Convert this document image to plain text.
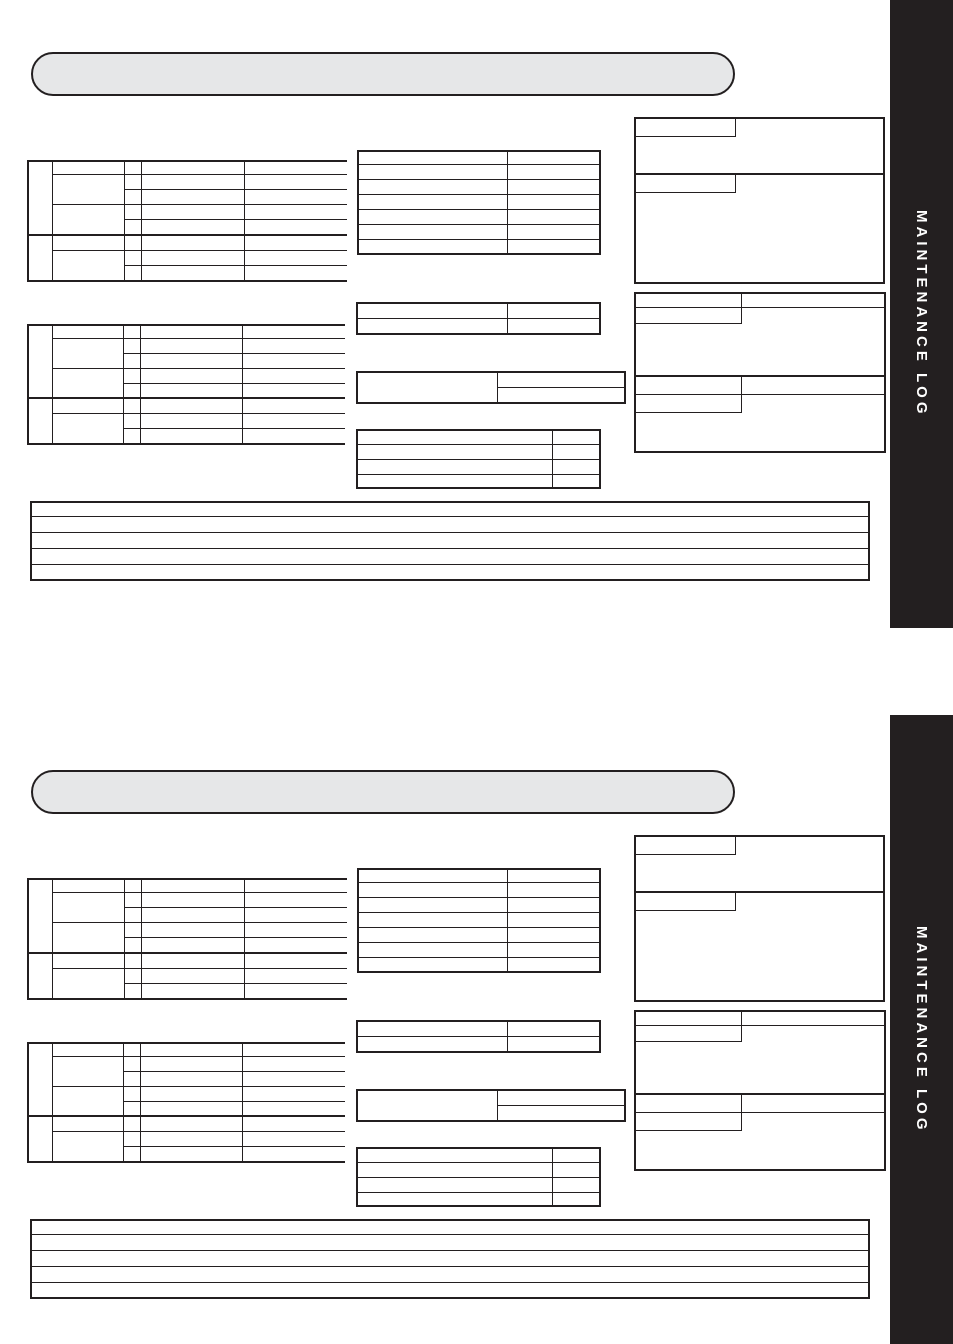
MAINTENANCE LOG
MAINTENANCE LOG
